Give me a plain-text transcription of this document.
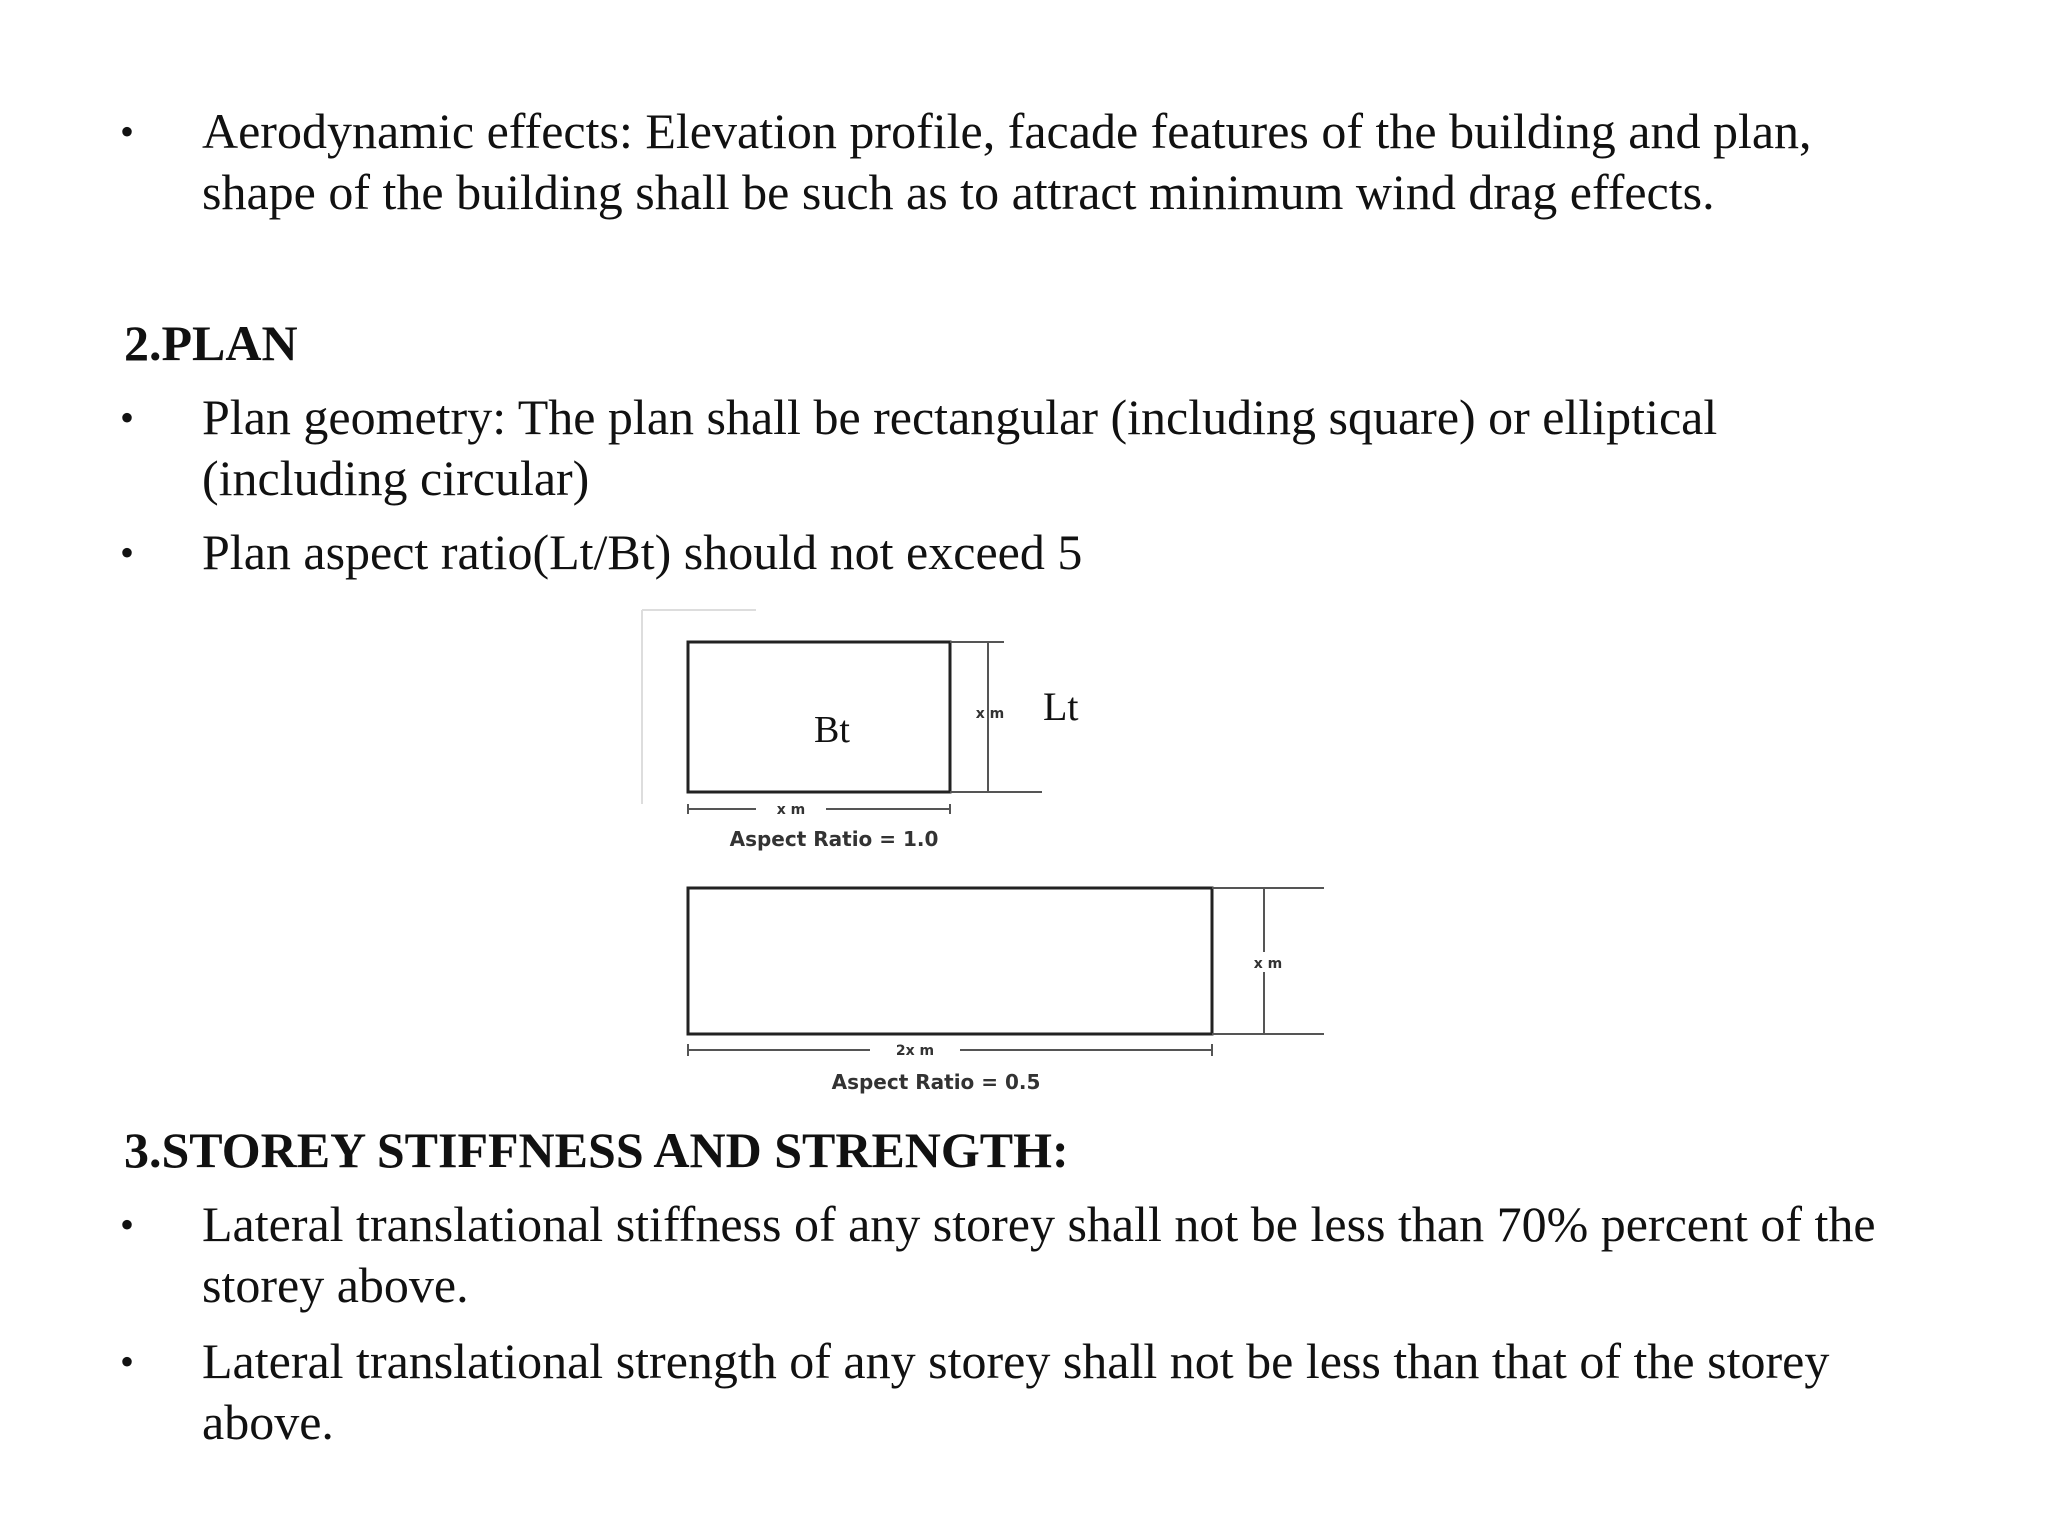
•	Aerodynamic effects: Elevation profile, facade features of the building and plan,
shape of the building shall be such as to attract minimum wind drag effects.
2.PLAN
•	Plan geometry: The plan shall be rectangular (including square) or elliptical
(including circular)
•	Plan aspect ratio(Lt/Bt) should not exceed 5
Bt	x m Lt
x m
Aspect Ratio = 1.0
x m
2x m
Aspect Ratio = 0.5
3.STOREY STIFFNESS AND STRENGTH:
•	Lateral translational stiffness of any storey shall not be less than 70% percent of the
storey above.
•	Lateral translational strength of any storey shall not be less than that of the storey
above.
